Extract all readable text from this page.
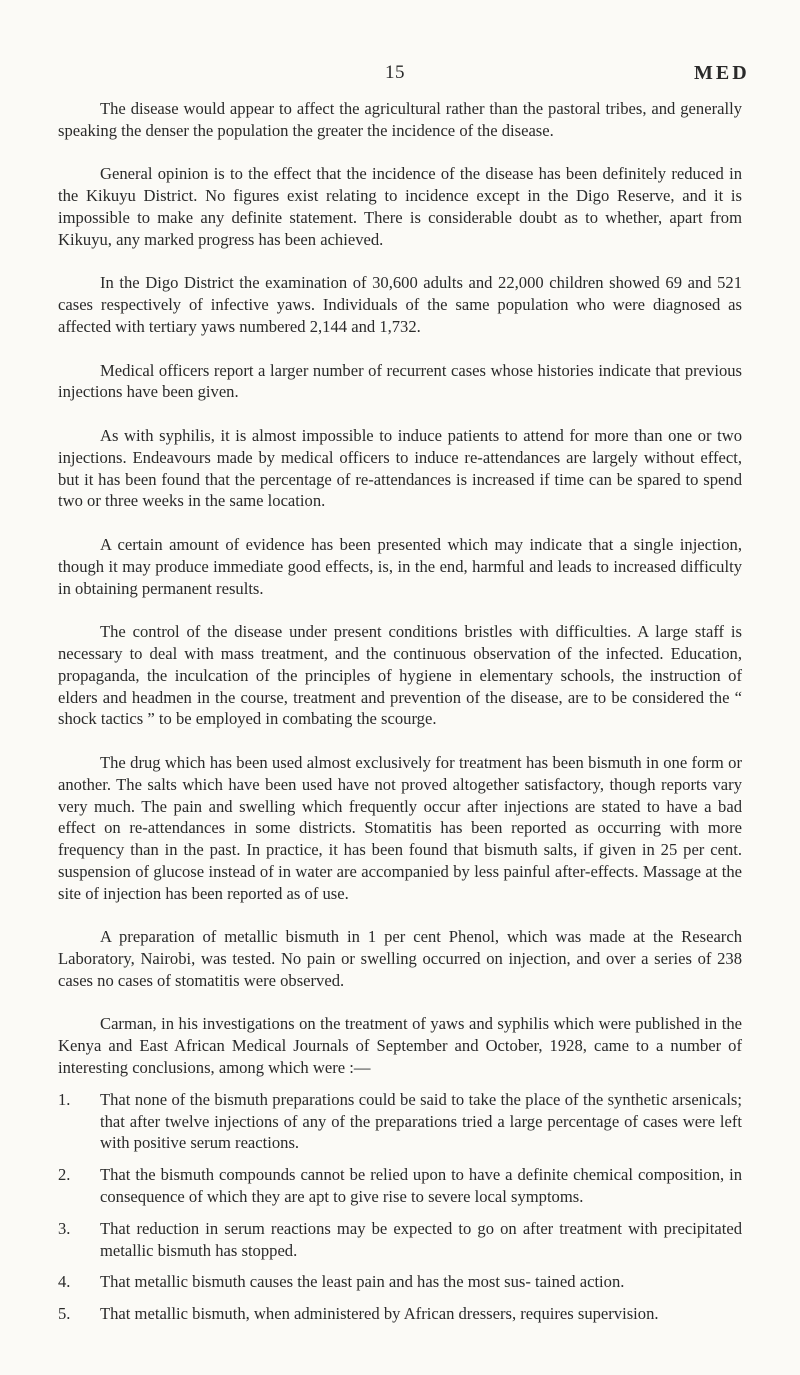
15	MED

The disease would appear to affect the agricultural rather than the pastoral tribes, and generally speaking the denser the population the greater the incidence of the disease.

General opinion is to the effect that the incidence of the disease has been definitely reduced in the Kikuyu District. No figures exist relating to incidence except in the Digo Reserve, and it is impossible to make any definite statement. There is considerable doubt as to whether, apart from Kikuyu, any marked progress has been achieved.

In the Digo District the examination of 30,600 adults and 22,000 children showed 69 and 521 cases respectively of infective yaws. Individuals of the same population who were diagnosed as affected with tertiary yaws numbered 2,144 and 1,732.

Medical officers report a larger number of recurrent cases whose histories indicate that previous injections have been given.

As with syphilis, it is almost impossible to induce patients to attend for more than one or two injections. Endeavours made by medical officers to induce re-attendances are largely without effect, but it has been found that the percentage of re-attendances is increased if time can be spared to spend two or three weeks in the same location.

A certain amount of evidence has been presented which may indicate that a single injection, though it may produce immediate good effects, is, in the end, harmful and leads to increased difficulty in obtaining permanent results.

The control of the disease under present conditions bristles with difficulties. A large staff is necessary to deal with mass treatment, and the continuous observation of the infected. Education, propaganda, the inculcation of the principles of hygiene in elementary schools, the instruction of elders and headmen in the course, treatment and prevention of the disease, are to be considered the “ shock tactics ” to be employed in combating the scourge.

The drug which has been used almost exclusively for treatment has been bismuth in one form or another. The salts which have been used have not proved altogether satisfactory, though reports vary very much. The pain and swelling which frequently occur after injections are stated to have a bad effect on re-attendances in some districts. Stomatitis has been reported as occurring with more frequency than in the past. In practice, it has been found that bismuth salts, if given in 25 per cent. suspension of glucose instead of in water are accompanied by less painful after-effects. Massage at the site of injection has been reported as of use.

A preparation of metallic bismuth in 1 per cent Phenol, which was made at the Research Laboratory, Nairobi, was tested. No pain or swelling occurred on injection, and over a series of 238 cases no cases of stomatitis were observed.

Carman, in his investigations on the treatment of yaws and syphilis which were published in the Kenya and East African Medical Journals of September and October, 1928, came to a number of interesting conclusions, among which were :—

1.	That none of the bismuth preparations could be said to take the place of the synthetic arsenicals; that after twelve injections of any of the preparations tried a large percentage of cases were left with positive serum reactions.
2.	That the bismuth compounds cannot be relied upon to have a definite chemical composition, in consequence of which they are apt to give rise to severe local symptoms.
3.	That reduction in serum reactions may be expected to go on after treatment with precipitated metallic bismuth has stopped.
4.	That metallic bismuth causes the least pain and has the most sus- tained action.
5.	That metallic bismuth, when administered by African dressers, requires supervision.
